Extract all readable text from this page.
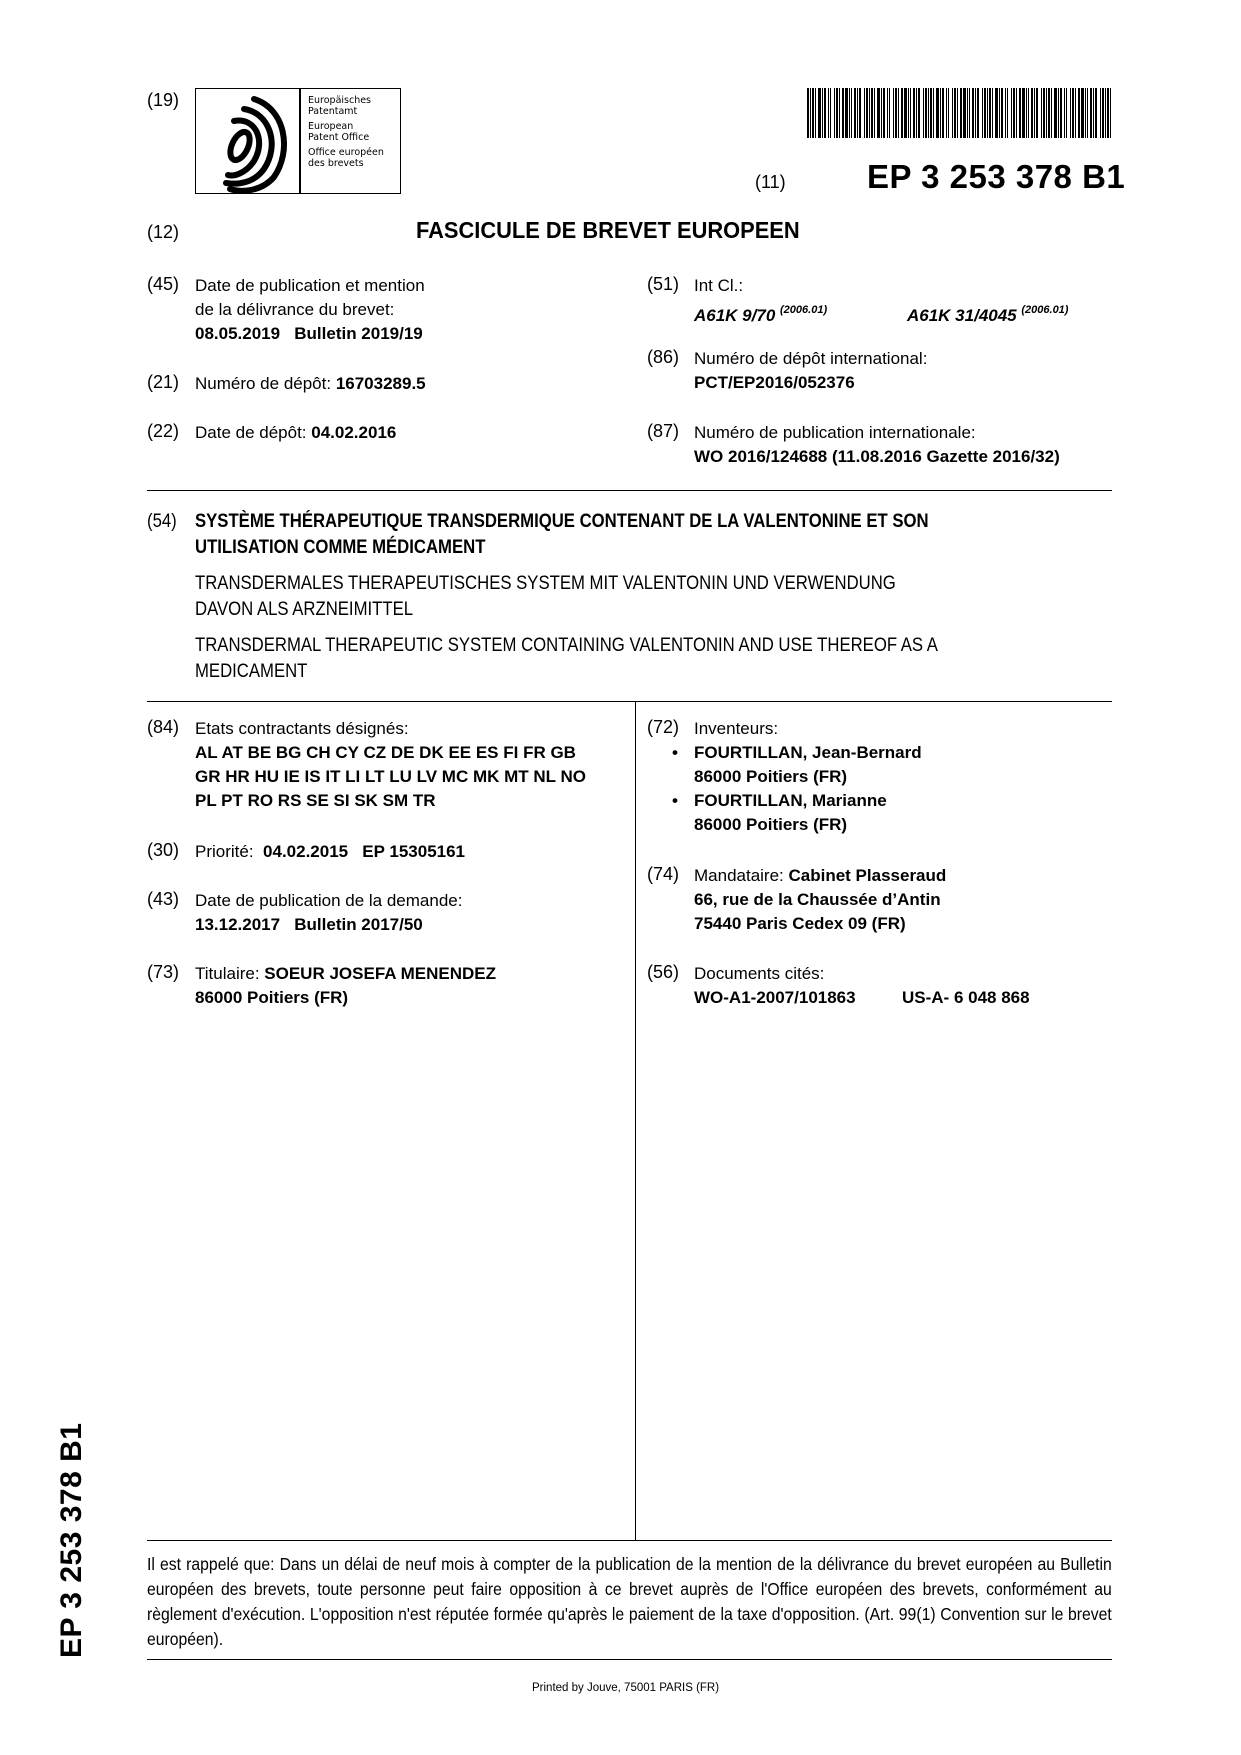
(19)	Europäisches
Patentamt
European
Patent Office
Office européen
des brevets
(11) EP 3 253 378 B1
(12)	FASCICULE DE BREVET EUROPEEN
(45) Date de publication et mention
de la délivrance du brevet:
08.05.2019   Bulletin 2019/19
(21) Numéro de dépôt: 16703289.5
(22) Date de dépôt: 04.02.2016
(51) Int Cl.:
A61K 9/70 $^{(2006.01)}$	A61K 31/4045 $^{(2006.01)}$
(86) Numéro de dépôt international:
PCT/EP2016/052376
(87) Numéro de publication internationale:
WO 2016/124688 (11.08.2016 Gazette 2016/32)
(54) SYSTÈME THÉRAPEUTIQUE TRANSDERMIQUE CONTENANT DE LA VALENTONINE ET SON
UTILISATION COMME MÉDICAMENT
TRANSDERMALES THERAPEUTISCHES SYSTEM MIT VALENTONIN UND VERWENDUNG
DAVON ALS ARZNEIMITTEL
TRANSDERMAL THERAPEUTIC SYSTEM CONTAINING VALENTONIN AND USE THEREOF AS A
MEDICAMENT
(84) Etats contractants désignés:
AL AT BE BG CH CY CZ DE DK EE ES FI FR GB
GR HR HU IE IS IT LI LT LU LV MC MK MT NL NO
PL PT RO RS SE SI SK SM TR
(30) Priorité:  04.02.2015   EP 15305161
(43) Date de publication de la demande:
13.12.2017   Bulletin 2017/50
(73) Titulaire: SOEUR JOSEFA MENENDEZ
86000 Poitiers (FR)
(72) Inventeurs:
• FOURTILLAN, Jean-Bernard
86000 Poitiers (FR)
• FOURTILLAN, Marianne
86000 Poitiers (FR)
(74) Mandataire: Cabinet Plasseraud
66, rue de la Chaussée d’Antin
75440 Paris Cedex 09 (FR)
(56) Documents cités:
WO-A1-2007/101863	US-A- 6 048 868
Il est rappelé que: Dans un délai de neuf mois à compter de la publication de la mention de la délivrance du brevet européen au Bulletin européen des brevets, toute personne peut faire opposition à ce brevet auprès de l'Office européen des brevets, conformément au règlement d'exécution. L'opposition n'est réputée formée qu'après le paiement de la taxe d'opposition. (Art. 99(1) Convention sur le brevet européen).
Printed by Jouve, 75001 PARIS (FR)
EP 3 253 378 B1
